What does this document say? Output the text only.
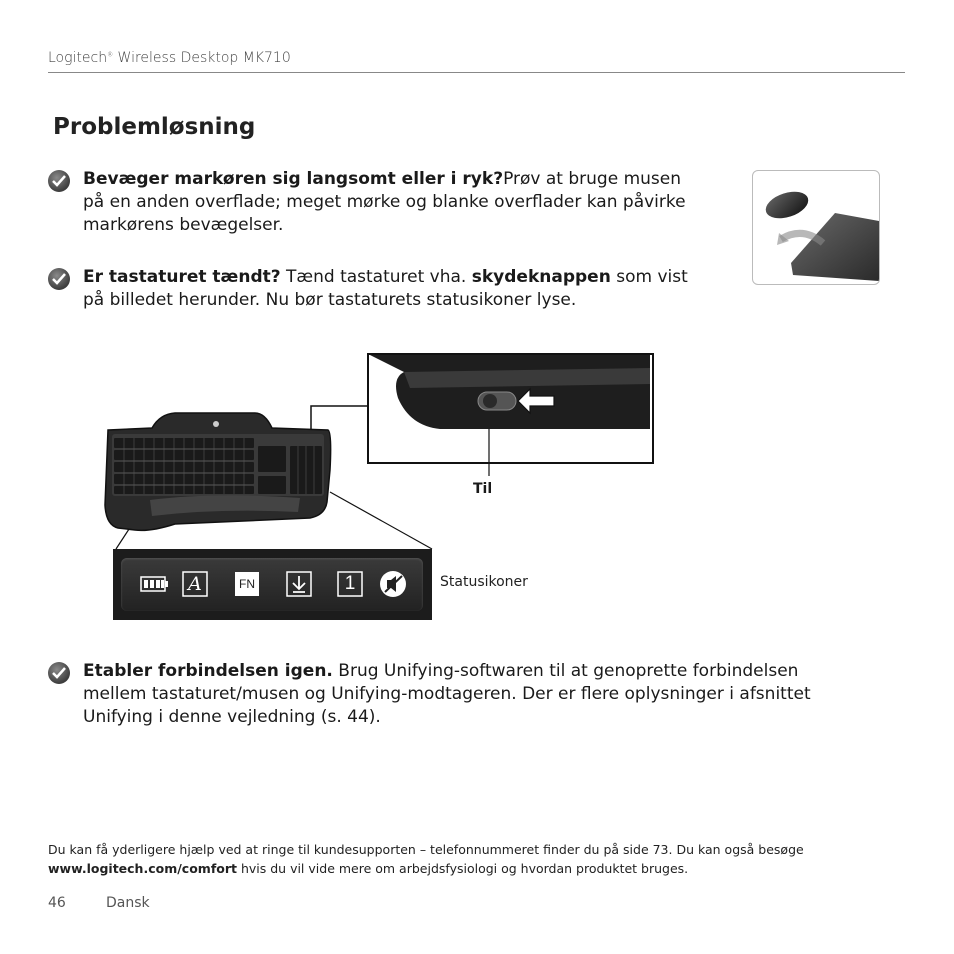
Logitech® Wireless Desktop MK710
Problemløsning
Bevæger markøren sig langsomt eller i ryk?Prøv at bruge musen på en anden overflade; meget mørke og blanke overflader kan påvirke markørens bevægelser.
Er tastaturet tændt? Tænd tastaturet vha. skydeknappen som vist på billedet herunder. Nu bør tastaturets statusikoner lyse.
Til
A	FN	1	Statusikoner
Etabler forbindelsen igen. Brug Unifying-softwaren til at genoprette forbindelsen mellem tastaturet/musen og Unifying-modtageren. Der er flere oplysninger i afsnittet Unifying i denne vejledning (s. 44).
Du kan få yderligere hjælp ved at ringe til kundesupporten – telefonnummeret finder du på side 73. Du kan også besøge www.logitech.com/comfort hvis du vil vide mere om arbejdsfysiologi og hvordan produktet bruges.
46	Dansk
